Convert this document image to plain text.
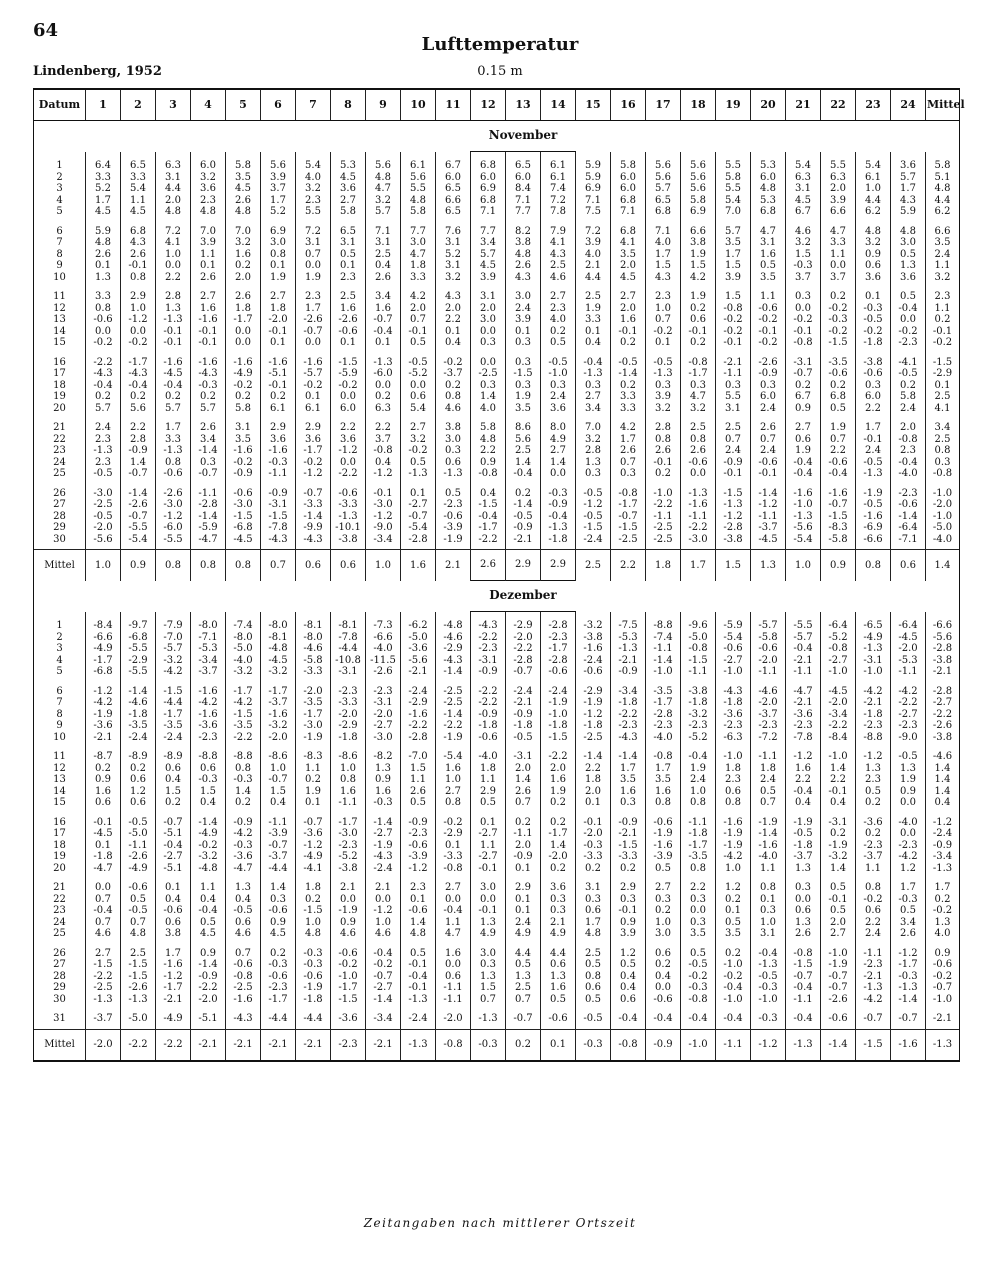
64
Lindenberg, 1952
Lufttemperatur
0.15 m
Datum	1	2	3	4	5	6	7	8	9	10	11	12	13	14	15	16	17	18	19	20	21	22	23	24	Mittel
												November													

1	6.4	6.5	6.3	6.0	5.8	5.6	5.4	5.3	5.6	6.1	6.7	6.8	6.5	6.1	5.9	5.8	5.6	5.6	5.5	5.3	5.4	5.5	5.4	3.6	5.8
2	3.3	3.3	3.1	3.2	3.5	3.9	4.0	4.5	4.8	5.6	6.0	6.0	6.0	6.1	5.9	6.0	5.6	5.6	5.8	6.0	6.3	6.3	6.1	5.7	5.1
3	5.2	5.4	4.4	3.6	4.5	3.7	3.2	3.6	4.7	5.5	6.5	6.9	8.4	7.4	6.9	6.0	5.7	5.6	5.5	4.8	3.1	2.0	1.0	1.7	4.8
4	1.7	1.1	2.0	2.3	2.6	1.7	2.3	2.7	3.2	4.8	6.6	6.8	7.1	7.2	7.1	6.8	6.5	5.8	5.4	5.3	4.5	3.9	4.4	4.3	4.4
5	4.5	4.5	4.8	4.8	4.8	5.2	5.5	5.8	5.7	5.8	6.5	7.1	7.7	7.8	7.5	7.1	6.8	6.9	7.0	6.8	6.7	6.6	6.2	5.9	6.2

6	5.9	6.8	7.2	7.0	7.0	6.9	7.2	6.5	7.1	7.7	7.6	7.7	8.2	7.9	7.2	6.8	7.1	6.6	5.7	4.7	4.6	4.7	4.8	4.8	6.6
7	4.8	4.3	4.1	3.9	3.2	3.0	3.1	3.1	3.1	3.0	3.1	3.4	3.8	4.1	3.9	4.1	4.0	3.8	3.5	3.1	3.2	3.3	3.2	3.0	3.5
8	2.6	2.6	1.0	1.1	1.6	0.8	0.7	0.5	2.5	4.7	5.2	5.7	4.8	4.3	4.0	3.5	1.7	1.9	1.7	1.6	1.5	1.1	0.9	0.5	2.4
9	0.1	-0.1	0.0	0.1	0.2	0.1	0.0	0.1	0.4	1.8	3.1	4.5	2.6	2.5	2.1	2.0	1.5	1.5	1.5	0.5	-0.3	0.0	0.6	1.3	1.1
10	1.3	0.8	2.2	2.6	2.0	1.9	1.9	2.3	2.6	3.3	3.2	3.9	4.3	4.6	4.4	4.5	4.3	4.2	3.9	3.5	3.7	3.7	3.6	3.6	3.2

11	3.3	2.9	2.8	2.7	2.6	2.7	2.3	2.5	3.4	4.2	4.3	3.1	3.0	2.7	2.5	2.7	2.3	1.9	1.5	1.1	0.3	0.2	0.1	0.5	2.3
12	0.8	1.0	1.3	1.6	1.8	1.8	1.7	1.6	1.6	2.0	2.0	2.0	2.4	2.3	1.9	2.0	1.0	0.2	-0.8	-0.6	0.0	-0.2	-0.3	-0.4	1.1
13	-0.6	-1.2	-1.3	-1.6	-1.7	-2.0	-2.6	-2.6	-0.7	0.7	2.2	3.0	3.9	4.0	3.3	1.6	0.7	0.6	-0.2	-0.2	-0.2	-0.3	-0.5	0.0	0.2
14	0.0	0.0	-0.1	-0.1	0.0	-0.1	-0.7	-0.6	-0.4	-0.1	0.1	0.0	0.1	0.2	0.1	-0.1	-0.2	-0.1	-0.2	-0.1	-0.1	-0.2	-0.2	-0.2	-0.1
15	-0.2	-0.2	-0.1	-0.1	0.0	0.1	0.0	0.1	0.1	0.5	0.4	0.3	0.3	0.5	0.4	0.2	0.1	0.2	-0.1	-0.2	-0.8	-1.5	-1.8	-2.3	-0.2

16	-2.2	-1.7	-1.6	-1.6	-1.6	-1.6	-1.6	-1.5	-1.3	-0.5	-0.2	0.0	0.3	-0.5	-0.4	-0.5	-0.5	-0.8	-2.1	-2.6	-3.1	-3.5	-3.8	-4.1	-1.5
17	-4.3	-4.3	-4.5	-4.3	-4.9	-5.1	-5.7	-5.9	-6.0	-5.2	-3.7	-2.5	-1.5	-1.0	-1.3	-1.4	-1.3	-1.7	-1.1	-0.9	-0.7	-0.6	-0.6	-0.5	-2.9
18	-0.4	-0.4	-0.4	-0.3	-0.2	-0.1	-0.2	-0.2	0.0	0.0	0.2	0.3	0.3	0.3	0.3	0.2	0.3	0.3	0.3	0.3	0.2	0.2	0.3	0.2	0.1
19	0.2	0.2	0.2	0.2	0.2	0.2	0.1	0.0	0.2	0.6	0.8	1.4	1.9	2.4	2.7	3.3	3.9	4.7	5.5	6.0	6.7	6.8	6.0	5.8	2.5
20	5.7	5.6	5.7	5.7	5.8	6.1	6.1	6.0	6.3	5.4	4.6	4.0	3.5	3.6	3.4	3.3	3.2	3.2	3.1	2.4	0.9	0.5	2.2	2.4	4.1

21	2.4	2.2	1.7	2.6	3.1	2.9	2.9	2.2	2.2	2.7	3.8	5.8	8.6	8.0	7.0	4.2	2.8	2.5	2.5	2.6	2.7	1.9	1.7	2.0	3.4
22	2.3	2.8	3.3	3.4	3.5	3.6	3.6	3.6	3.7	3.2	3.0	4.8	5.6	4.9	3.2	1.7	0.8	0.8	0.7	0.7	0.6	0.7	-0.1	-0.8	2.5
23	-1.3	-0.9	-1.3	-1.4	-1.6	-1.6	-1.7	-1.2	-0.8	-0.2	0.3	2.2	2.5	2.7	2.8	2.6	2.6	2.6	2.4	2.4	1.9	2.2	2.4	2.3	0.8
24	2.3	1.4	0.8	0.3	-0.2	-0.3	-0.2	0.0	0.4	0.5	0.6	0.9	1.4	1.4	1.3	0.7	-0.1	-0.6	-0.9	-0.6	-0.4	-0.6	-0.5	-0.4	0.3
25	-0.5	-0.7	-0.6	-0.7	-0.9	-1.1	-1.2	-2.2	-1.2	-1.3	-1.3	-0.8	-0.4	0.0	0.3	0.3	0.2	0.0	-0.1	-0.1	-0.4	-0.4	-1.3	-4.0	-0.8

26	-3.0	-1.4	-2.6	-1.1	-0.6	-0.9	-0.7	-0.6	-0.1	0.1	0.5	0.4	0.2	-0.3	-0.5	-0.8	-1.0	-1.3	-1.5	-1.4	-1.6	-1.6	-1.9	-2.3	-1.0
27	-2.5	-2.6	-3.0	-2.8	-3.0	-3.1	-3.3	-3.3	-3.0	-2.7	-2.3	-1.5	-1.4	-0.9	-1.2	-1.7	-2.2	-1.6	-1.3	-1.2	-1.0	-0.7	-0.5	-0.6	-2.0
28	-0.5	-0.7	-1.2	-1.4	-1.5	-1.5	-1.4	-1.3	-1.2	-0.7	-0.6	-0.4	-0.5	-0.4	-0.5	-0.7	-1.1	-1.1	-1.2	-1.1	-1.3	-1.5	-1.6	-1.4	-1.0
29	-2.0	-5.5	-6.0	-5.9	-6.8	-7.8	-9.9	-10.1	-9.0	-5.4	-3.9	-1.7	-0.9	-1.3	-1.5	-1.5	-2.5	-2.2	-2.8	-3.7	-5.6	-8.3	-6.9	-6.4	-5.0
30	-5.6	-5.4	-5.5	-4.7	-4.5	-4.3	-4.3	-3.8	-3.4	-2.8	-1.9	-2.2	-2.1	-1.8	-2.4	-2.5	-2.5	-3.0	-3.8	-4.5	-5.4	-5.8	-6.6	-7.1	-4.0

Mittel	1.0	0.9	0.8	0.8	0.8	0.7	0.6	0.6	1.0	1.6	2.1	2.6	2.9	2.9	2.5	2.2	1.8	1.7	1.5	1.3	1.0	0.9	0.8	0.6	1.4
												Dezember													

1	-8.4	-9.7	-7.9	-8.0	-7.4	-8.0	-8.1	-8.1	-7.3	-6.2	-4.8	-4.3	-2.9	-2.8	-3.2	-7.5	-8.8	-9.6	-5.9	-5.7	-5.5	-6.4	-6.5	-6.4	-6.6
2	-6.6	-6.8	-7.0	-7.1	-8.0	-8.1	-8.0	-7.8	-6.6	-5.0	-4.6	-2.2	-2.0	-2.3	-3.8	-5.3	-7.4	-5.0	-5.4	-5.8	-5.7	-5.2	-4.9	-4.5	-5.6
3	-4.9	-5.5	-5.7	-5.3	-5.0	-4.8	-4.6	-4.4	-4.0	-3.6	-2.9	-2.3	-2.2	-1.7	-1.6	-1.3	-1.1	-0.8	-0.6	-0.6	-0.4	-0.8	-1.3	-2.0	-2.8
4	-1.7	-2.9	-3.2	-3.4	-4.0	-4.5	-5.8	-10.8	-11.5	-5.6	-4.3	-3.1	-2.8	-2.8	-2.4	-2.1	-1.4	-1.5	-2.7	-2.0	-2.1	-2.7	-3.1	-5.3	-3.8
5	-6.8	-5.5	-4.2	-3.7	-3.2	-3.2	-3.3	-3.1	-2.6	-2.1	-1.4	-0.9	-0.7	-0.6	-0.6	-0.9	-1.0	-1.1	-1.0	-1.1	-1.1	-1.0	-1.0	-1.1	-2.1

6	-1.2	-1.4	-1.5	-1.6	-1.7	-1.7	-2.0	-2.3	-2.3	-2.4	-2.5	-2.2	-2.4	-2.4	-2.9	-3.4	-3.5	-3.8	-4.3	-4.6	-4.7	-4.5	-4.2	-4.2	-2.8
7	-4.2	-4.6	-4.4	-4.2	-4.2	-3.7	-3.5	-3.3	-3.1	-2.9	-2.5	-2.2	-2.1	-1.9	-1.9	-1.8	-1.7	-1.8	-1.8	-2.0	-2.1	-2.0	-2.1	-2.2	-2.7
8	-1.9	-1.8	-1.7	-1.6	-1.5	-1.6	-1.7	-2.0	-2.0	-1.6	-1.4	-0.9	-0.9	-1.0	-1.2	-2.2	-2.8	-3.2	-3.6	-3.7	-3.6	-3.4	-1.8	-2.7	-2.2
9	-3.6	-3.5	-3.5	-3.6	-3.5	-3.2	-3.0	-2.9	-2.7	-2.2	-2.2	-1.8	-1.8	-1.8	-1.8	-2.3	-2.3	-2.3	-2.3	-2.3	-2.3	-2.2	-2.3	-2.3	-2.6
10	-2.1	-2.4	-2.4	-2.3	-2.2	-2.0	-1.9	-1.8	-3.0	-2.8	-1.9	-0.6	-0.5	-1.5	-2.5	-4.3	-4.0	-5.2	-6.3	-7.2	-7.8	-8.4	-8.8	-9.0	-3.8

11	-8.7	-8.9	-8.9	-8.8	-8.8	-8.6	-8.3	-8.6	-8.2	-7.0	-5.4	-4.0	-3.1	-2.2	-1.4	-1.4	-0.8	-0.4	-1.0	-1.1	-1.2	-1.0	-1.2	-0.5	-4.6
12	0.2	0.2	0.6	0.6	0.8	1.0	1.1	1.0	1.3	1.5	1.6	1.8	2.0	2.0	2.2	1.7	1.7	1.9	1.8	1.8	1.6	1.4	1.3	1.3	1.4
13	0.9	0.6	0.4	-0.3	-0.3	-0.7	0.2	0.8	0.9	1.1	1.0	1.1	1.4	1.6	1.8	3.5	3.5	2.4	2.3	2.4	2.2	2.2	2.3	1.9	1.4
14	1.6	1.2	1.5	1.5	1.4	1.5	1.9	1.6	1.6	2.6	2.7	2.9	2.6	1.9	2.0	1.6	1.6	1.0	0.6	0.5	-0.4	-0.1	0.5	0.9	1.4
15	0.6	0.6	0.2	0.4	0.2	0.4	0.1	-1.1	-0.3	0.5	0.8	0.5	0.7	0.2	0.1	0.3	0.8	0.8	0.8	0.7	0.4	0.4	0.2	0.0	0.4

16	-0.1	-0.5	-0.7	-1.4	-0.9	-1.1	-0.7	-1.7	-1.4	-0.9	-0.2	0.1	0.2	0.2	-0.1	-0.9	-0.6	-1.1	-1.6	-1.9	-1.9	-3.1	-3.6	-4.0	-1.2
17	-4.5	-5.0	-5.1	-4.9	-4.2	-3.9	-3.6	-3.0	-2.7	-2.3	-2.9	-2.7	-1.1	-1.7	-2.0	-2.1	-1.9	-1.8	-1.9	-1.4	-0.5	0.2	0.2	0.0	-2.4
18	0.1	-1.1	-0.4	-0.2	-0.3	-0.7	-1.2	-2.3	-1.9	-0.6	0.1	1.1	2.0	1.4	-0.3	-1.5	-1.6	-1.7	-1.9	-1.6	-1.8	-1.9	-2.3	-2.3	-0.9
19	-1.8	-2.6	-2.7	-3.2	-3.6	-3.7	-4.9	-5.2	-4.3	-3.9	-3.3	-2.7	-0.9	-2.0	-3.3	-3.3	-3.9	-3.5	-4.2	-4.0	-3.7	-3.2	-3.7	-4.2	-3.4
20	-4.7	-4.9	-5.1	-4.8	-4.7	-4.4	-4.1	-3.8	-2.4	-1.2	-0.8	-0.1	0.1	0.2	0.2	0.2	0.5	0.8	1.0	1.1	1.3	1.4	1.1	1.2	-1.3

21	0.0	-0.6	0.1	1.1	1.3	1.4	1.8	2.1	2.1	2.3	2.7	3.0	2.9	3.6	3.1	2.9	2.7	2.2	1.2	0.8	0.3	0.5	0.8	1.7	1.7
22	0.7	0.5	0.4	0.4	0.4	0.3	0.2	0.0	0.0	0.1	0.0	0.0	0.1	0.3	0.3	0.3	0.3	0.3	0.2	0.1	0.0	-0.1	-0.2	-0.3	0.2
23	-0.4	-0.5	-0.6	-0.4	-0.5	-0.6	-1.5	-1.9	-1.2	-0.6	-0.4	-0.1	0.1	0.3	0.6	-0.1	0.2	0.0	0.1	0.3	0.6	0.5	0.6	0.5	-0.2
24	0.7	0.7	0.6	0.5	0.6	0.9	1.0	0.9	1.0	1.4	1.1	1.3	2.4	2.1	1.7	0.9	1.0	0.3	0.5	1.0	1.3	2.0	2.2	3.4	1.3
25	4.6	4.8	3.8	4.5	4.6	4.5	4.8	4.6	4.6	4.8	4.7	4.9	4.9	4.9	4.8	3.9	3.0	3.5	3.5	3.1	2.6	2.7	2.4	2.6	4.0

26	2.7	2.5	1.7	0.9	0.7	0.2	-0.3	-0.6	-0.4	0.5	1.6	3.0	4.4	4.4	2.5	1.2	0.6	0.5	0.2	-0.4	-0.8	-1.0	-1.1	-1.2	0.9
27	-1.5	-1.5	-1.6	-1.4	-0.6	-0.3	-0.3	-0.2	-0.2	-0.1	0.0	0.3	0.5	0.6	0.5	0.5	0.2	-0.5	-1.0	-1.3	-1.5	-1.9	-2.3	-1.7	-0.6
28	-2.2	-1.5	-1.2	-0.9	-0.8	-0.6	-0.6	-1.0	-0.7	-0.4	0.6	1.3	1.3	1.3	0.8	0.4	0.4	-0.2	-0.2	-0.5	-0.7	-0.7	-2.1	-0.3	-0.2
29	-2.5	-2.6	-1.7	-2.2	-2.5	-2.3	-1.9	-1.7	-2.7	-0.1	-1.1	1.5	2.5	1.6	0.6	0.4	0.0	-0.3	-0.4	-0.3	-0.4	-0.7	-1.3	-1.3	-0.7
30	-1.3	-1.3	-2.1	-2.0	-1.6	-1.7	-1.8	-1.5	-1.4	-1.3	-1.1	0.7	0.7	0.5	0.5	0.6	-0.6	-0.8	-1.0	-1.0	-1.1	-2.6	-4.2	-1.4	-1.0

31	-3.7	-5.0	-4.9	-5.1	-4.3	-4.4	-4.4	-3.6	-3.4	-2.4	-2.0	-1.3	-0.7	-0.6	-0.5	-0.4	-0.4	-0.4	-0.4	-0.3	-0.4	-0.6	-0.7	-0.7	-2.1

Mittel	-2.0	-2.2	-2.2	-2.1	-2.1	-2.1	-2.1	-2.3	-2.1	-1.3	-0.8	-0.3	0.2	0.1	-0.3	-0.8	-0.9	-1.0	-1.1	-1.2	-1.3	-1.4	-1.5	-1.6	-1.3
Zeitangaben nach mittlerer Ortszeit
